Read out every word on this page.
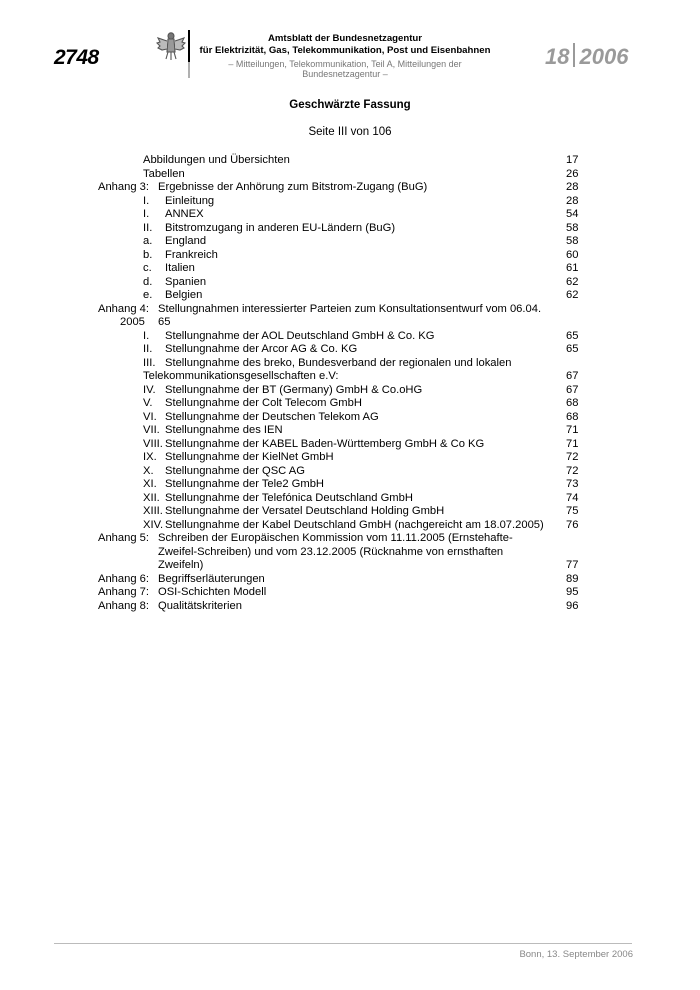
2748
Amtsblatt der Bundesnetzagentur
für Elektrizität, Gas, Telekommunikation, Post und Eisenbahnen
– Mitteilungen, Telekommunikation, Teil A, Mitteilungen der Bundesnetzagentur –
18 2006
Geschwärzte Fassung
Seite III von 106
Abbildungen und Übersichten	17
Tabellen	26
Anhang 3: Ergebnisse der Anhörung zum Bitstrom-Zugang (BuG)	28
I. Einleitung	28
I. ANNEX	54
II. Bitstromzugang in anderen EU-Ländern (BuG)	58
a. England	58
b. Frankreich	60
c. Italien	61
d. Spanien	62
e. Belgien	62
Anhang 4: Stellungnahmen interessierter Parteien zum Konsultationsentwurf vom 06.04.
2005 65
I. Stellungnahme der AOL Deutschland GmbH & Co. KG	65
II. Stellungnahme der Arcor AG & Co. KG	65
III. Stellungnahme des breko, Bundesverband der regionalen und lokalen
Telekommunikationsgesellschaften e.V:	67
IV. Stellungnahme der BT (Germany) GmbH & Co.oHG	67
V. Stellungnahme der Colt Telecom GmbH	68
VI. Stellungnahme der Deutschen Telekom AG	68
VII. Stellungnahme des IEN	71
VIII. Stellungnahme der KABEL Baden-Württemberg GmbH & Co KG	71
IX. Stellungnahme der KielNet GmbH	72
X. Stellungnahme der QSC AG	72
XI. Stellungnahme der Tele2 GmbH	73
XII. Stellungnahme der Telefónica Deutschland GmbH	74
XIII. Stellungnahme der Versatel Deutschland Holding GmbH	75
XIV. Stellungnahme der Kabel Deutschland GmbH (nachgereicht am 18.07.2005) 76
Anhang 5: Schreiben der Europäischen Kommission vom 11.11.2005 (Ernstehafte-
Zweifel-Schreiben) und vom 23.12.2005 (Rücknahme von ernsthaften
Zweifeln)	77
Anhang 6: Begriffserläuterungen	89
Anhang 7: OSI-Schichten Modell	95
Anhang 8: Qualitätskriterien	96
Bonn, 13. September 2006
